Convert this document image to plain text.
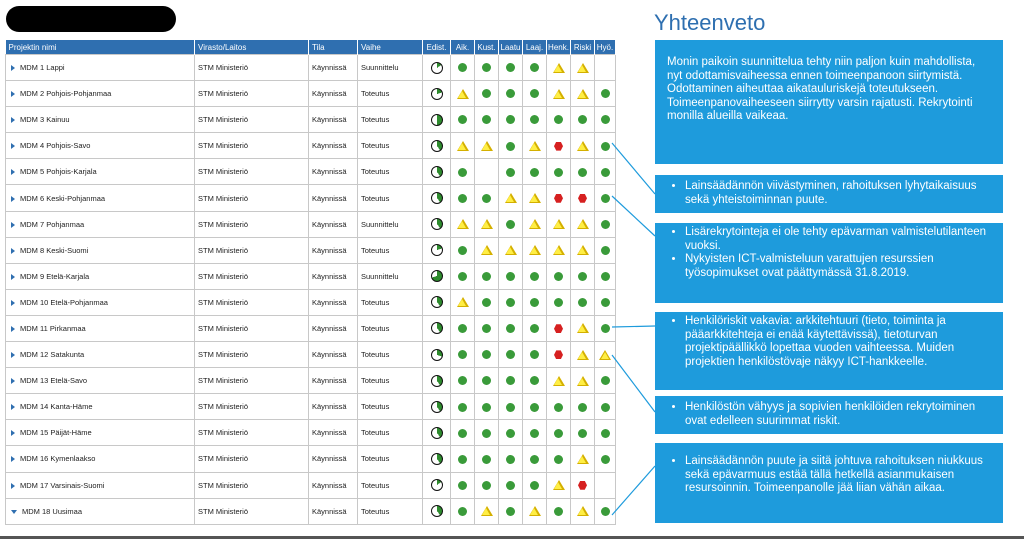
Projektin nimi	Virasto/Laitos	Tila	Vaihe	Edist.	Aik.	Kust.	Laatu	Laaj.	Henk.	Riski	Hyö.
MDM 1 Lappi	STM Ministeriö	Käynnissä	Suunnittelu								
MDM 2 Pohjois-Pohjanmaa	STM Ministeriö	Käynnissä	Toteutus								
MDM 3 Kainuu	STM Ministeriö	Käynnissä	Toteutus								
MDM 4 Pohjois-Savo	STM Ministeriö	Käynnissä	Toteutus								
MDM 5 Pohjois-Karjala	STM Ministeriö	Käynnissä	Toteutus								
MDM 6 Keski-Pohjanmaa	STM Ministeriö	Käynnissä	Toteutus								
MDM 7 Pohjanmaa	STM Ministeriö	Käynnissä	Suunnittelu								
MDM 8 Keski-Suomi	STM Ministeriö	Käynnissä	Toteutus								
MDM 9 Etelä-Karjala	STM Ministeriö	Käynnissä	Suunnittelu								
MDM 10 Etelä-Pohjanmaa	STM Ministeriö	Käynnissä	Toteutus								
MDM 11 Pirkanmaa	STM Ministeriö	Käynnissä	Toteutus								
MDM 12 Satakunta	STM Ministeriö	Käynnissä	Toteutus								
MDM 13 Etelä-Savo	STM Ministeriö	Käynnissä	Toteutus								
MDM 14 Kanta-Häme	STM Ministeriö	Käynnissä	Toteutus								
MDM 15 Päijät-Häme	STM Ministeriö	Käynnissä	Toteutus								
MDM 16 Kymenlaakso	STM Ministeriö	Käynnissä	Toteutus								
MDM 17 Varsinais-Suomi	STM Ministeriö	Käynnissä	Toteutus								
MDM 18 Uusimaa	STM Ministeriö	Käynnissä	Toteutus								
Yhteenveto
Monin paikoin suunnittelua tehty niin paljon kuin mahdollista, nyt odottamisvaiheessa ennen toimeenpanoon siirtymistä. Odottaminen aiheuttaa aikatauluriskejä toteutukseen. Toimeenpanovaiheeseen siirrytty varsin rajatusti. Rekrytointi monilla alueilla vaikeaa.
• Lainsäädännön viivästyminen, rahoituksen lyhytaikaisuus sekä yhteistoiminnan puute.
• Lisärekrytointeja ei ole tehty epävarman valmistelutilanteen vuoksi.
• Nykyisten ICT-valmisteluun varattujen resurssien työsopimukset ovat päättymässä 31.8.2019.
• Henkilöriskit vakavia: arkkitehtuuri (tieto, toiminta ja pääarkkitehteja ei enää käytettävissä), tietoturvan projektipäällikkö lopettaa vuoden vaihteessa. Muiden projektien henkilöstövaje näkyy ICT-hankkeelle.
• Henkilöstön vähyys ja sopivien henkilöiden rekrytoiminen ovat edelleen suurimmat riskit.
• Lainsäädännön puute ja siitä johtuva rahoituksen niukkuus sekä epävarmuus estää tällä hetkellä asianmukaisen resursoinnin. Toimeenpanolle jää liian vähän aikaa.
